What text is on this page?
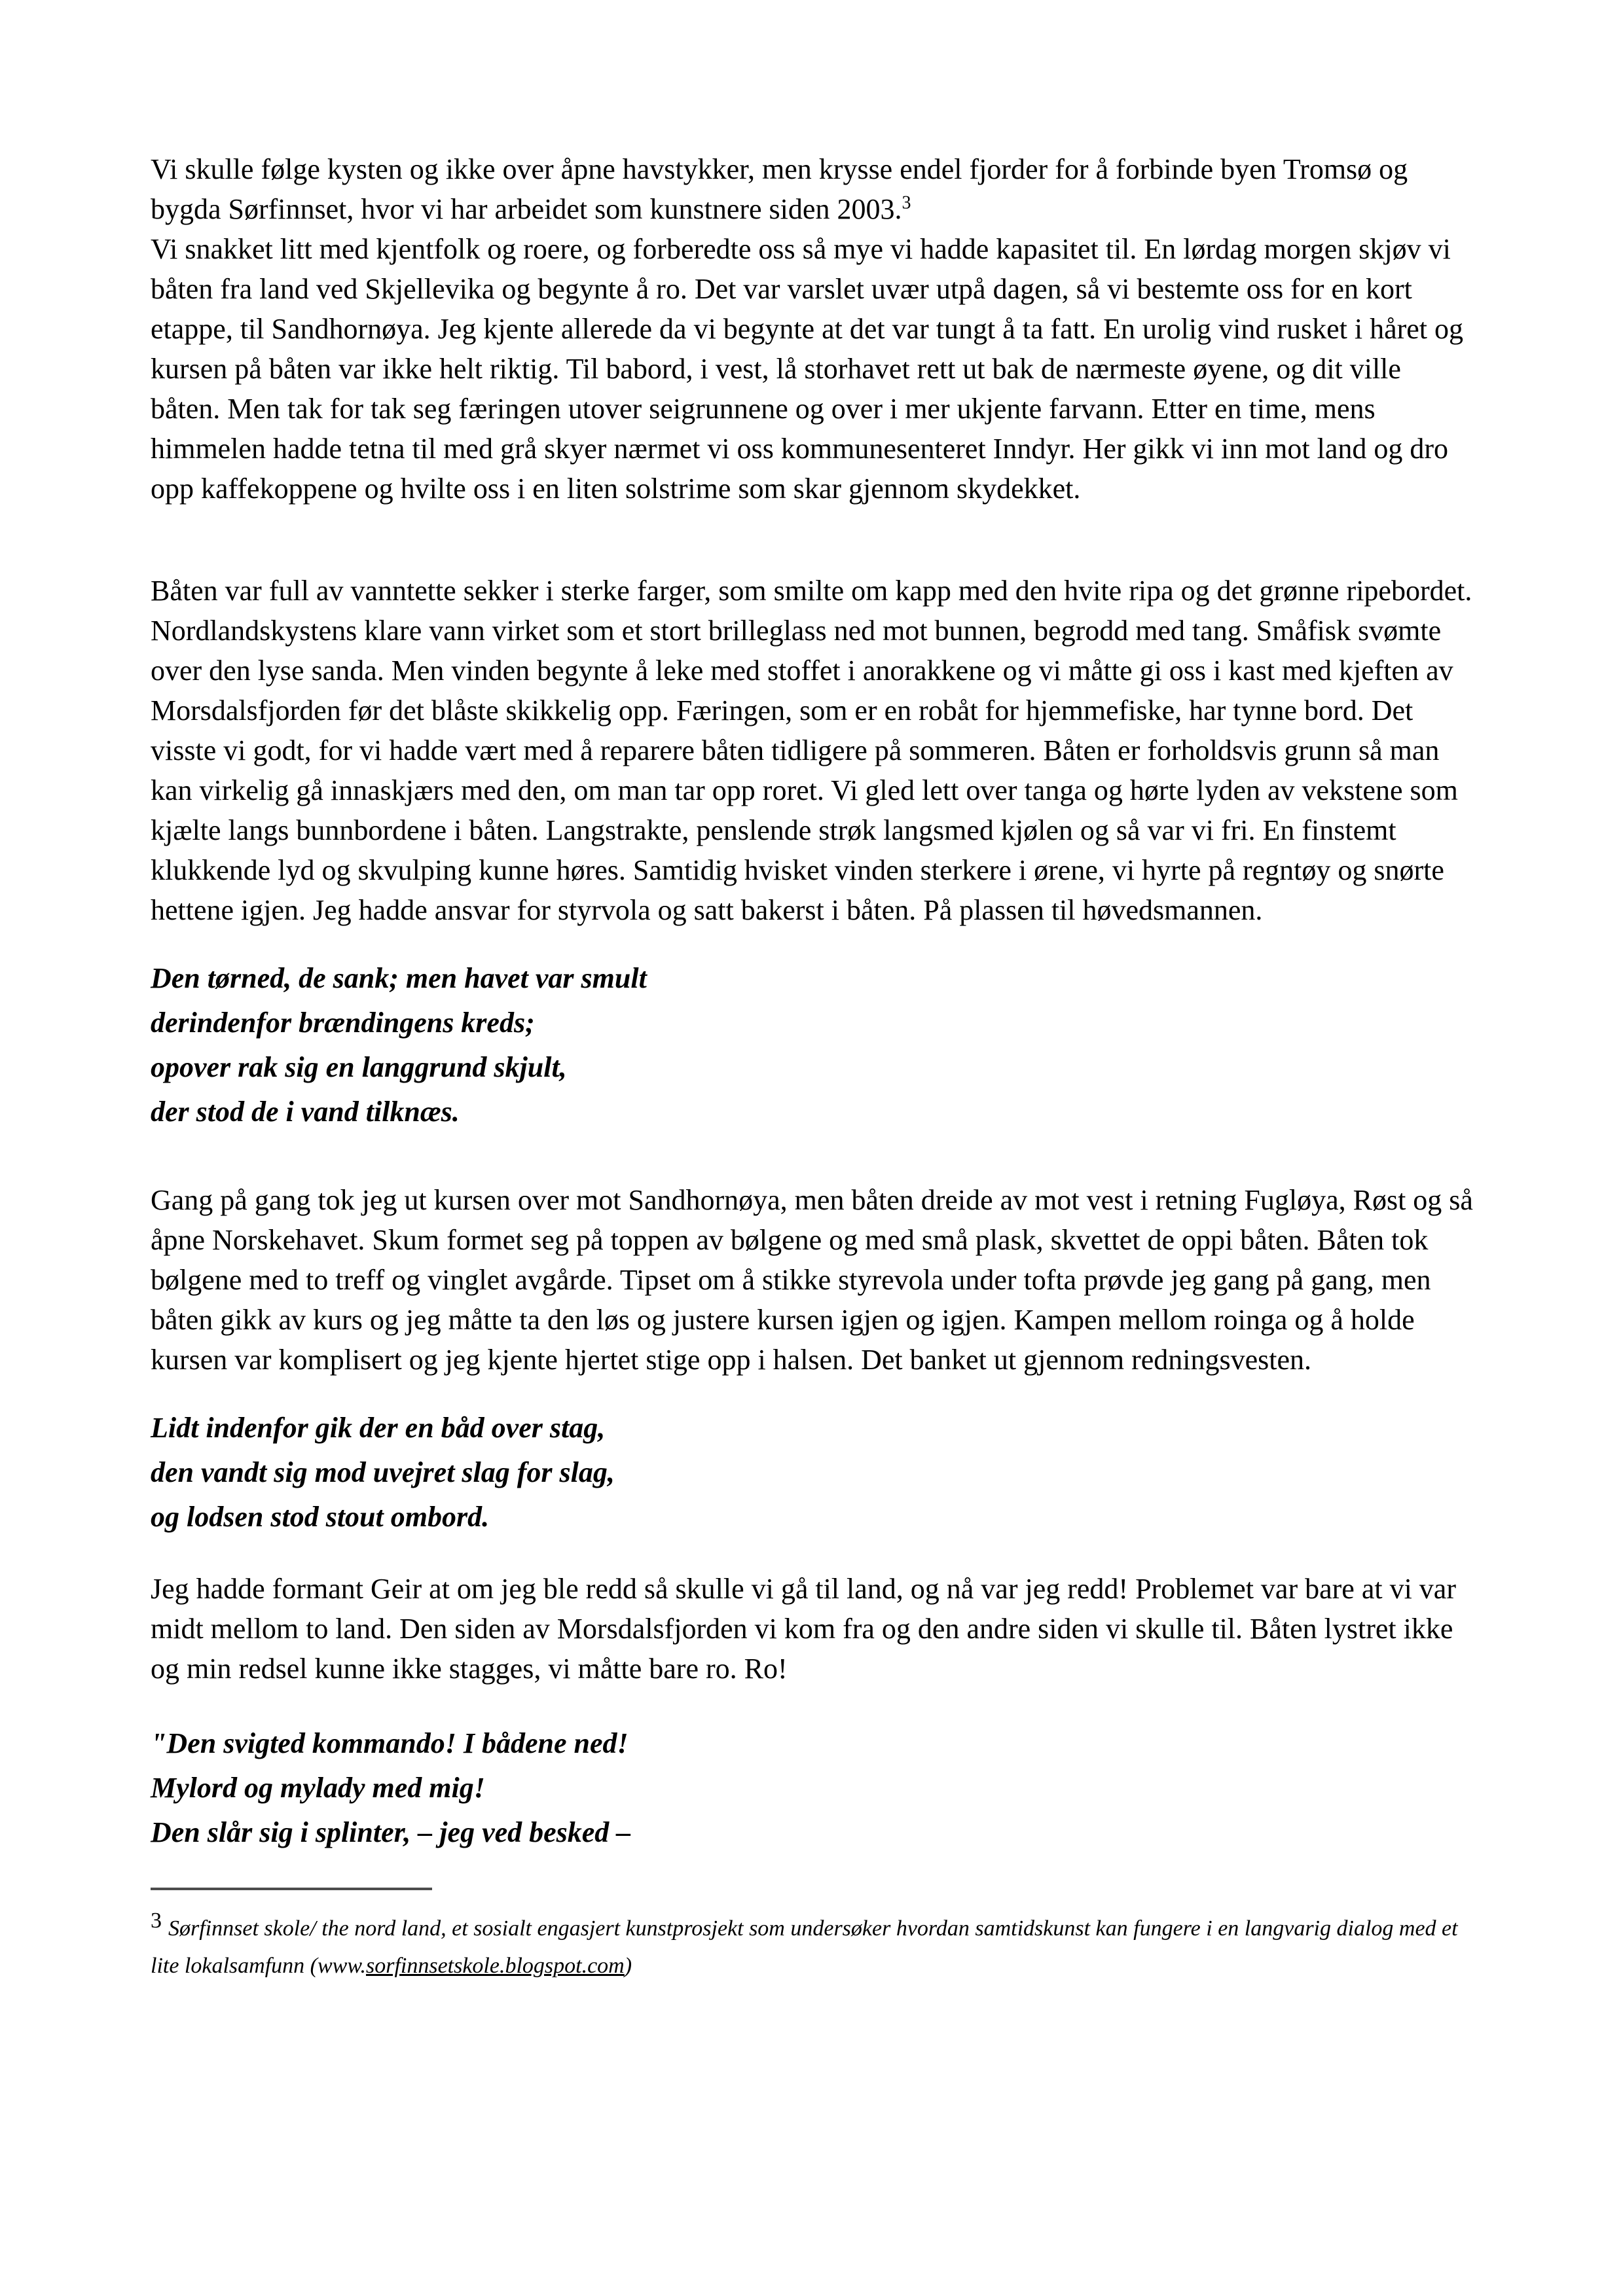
Vi skulle følge kysten og ikke over åpne havstykker, men krysse endel fjorder for å forbinde byen Tromsø og bygda Sørfinnset, hvor vi har arbeidet som kunstnere siden 2003.$^3$

Vi snakket litt med kjentfolk og roere, og forberedte oss så mye vi hadde kapasitet til. En lørdag morgen skjøv vi båten fra land ved Skjellevika og begynte å ro. Det var varslet uvær utpå dagen, så vi bestemte oss for en kort etappe, til Sandhornøya. Jeg kjente allerede da vi begynte at det var tungt å ta fatt. En urolig vind rusket i håret og kursen på båten var ikke helt riktig. Til babord, i vest, lå storhavet rett ut bak de nærmeste øyene, og dit ville båten. Men tak for tak seg færingen utover seigrunnene og over i mer ukjente farvann. Etter en time, mens himmelen hadde tetna til med grå skyer nærmet vi oss kommunesenteret Inndyr. Her gikk vi inn mot land og dro opp kaffekoppene og hvilte oss i en liten solstrime som skar gjennom skydekket.

Båten var full av vanntette sekker i sterke farger, som smilte om kapp med den hvite ripa og det grønne ripebordet. Nordlandskystens klare vann virket som et stort brilleglass ned mot bunnen, begrodd med tang. Småfisk svømte over den lyse sanda. Men vinden begynte å leke med stoffet i anorakkene og vi måtte gi oss i kast med kjeften av Morsdalsfjorden før det blåste skikkelig opp. Færingen, som er en robåt for hjemmefiske, har tynne bord. Det visste vi godt, for vi hadde vært med å reparere båten tidligere på sommeren. Båten er forholdsvis grunn så man kan virkelig gå innaskjærs med den, om man tar opp roret. Vi gled lett over tanga og hørte lyden av vekstene som kjælte langs bunnbordene i båten. Langstrakte, penslende strøk langsmed kjølen og så var vi fri. En finstemt klukkende lyd og skvulping kunne høres. Samtidig hvisket vinden sterkere i ørene, vi hyrte på regntøy og snørte hettene igjen. Jeg hadde ansvar for styrvola og satt bakerst i båten. På plassen til høvedsmannen.

Den tørned, de sank; men havet var smult
derindenfor brændingens kreds;
opover rak sig en langgrund skjult,
der stod de i vand tilknæs.

Gang på gang tok jeg ut kursen over mot Sandhornøya, men båten dreide av mot vest i retning Fugløya, Røst og så åpne Norskehavet. Skum formet seg på toppen av bølgene og med små plask, skvettet de oppi båten. Båten tok bølgene med to treff og vinglet avgårde. Tipset om å stikke styrevola under tofta prøvde jeg gang på gang, men båten gikk av kurs og jeg måtte ta den løs og justere kursen igjen og igjen. Kampen mellom roinga og å holde kursen var komplisert og jeg kjente hjertet stige opp i halsen. Det banket ut gjennom redningsvesten.

Lidt indenfor gik der en båd over stag,
den vandt sig mod uvejret slag for slag,
og lodsen stod stout ombord.

Jeg hadde formant Geir at om jeg ble redd så skulle vi gå til land, og nå var jeg redd! Problemet var bare at vi var midt mellom to land. Den siden av Morsdalsfjorden vi kom fra og den andre siden vi skulle til. Båten lystret ikke og min redsel kunne ikke stagges, vi måtte bare ro. Ro!

"Den svigted kommando! I bådene ned!
Mylord og mylady med mig!
Den slår sig i splinter, – jeg ved besked –
3 Sørfinnset skole/ the nord land, et sosialt engasjert kunstprosjekt som undersøker hvordan samtidskunst kan fungere i en langvarig dialog med et lite lokalsamfunn (www.sorfinnsetskole.blogspot.com)
